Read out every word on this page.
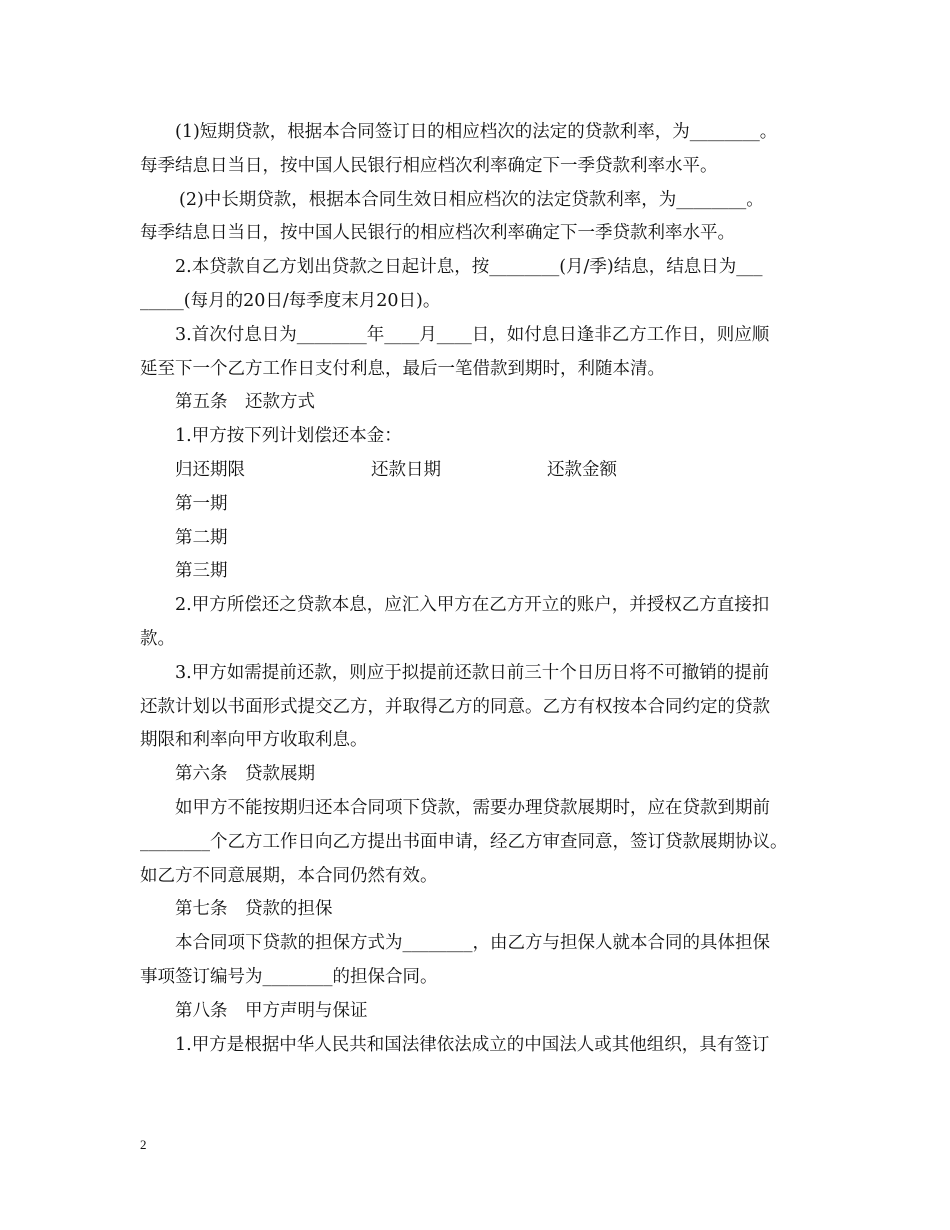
(1)短期贷款，根据本合同签订日的相应档次的法定的贷款利率，为________。
每季结息日当日，按中国人民银行相应档次利率确定下一季贷款利率水平。
(2)中长期贷款，根据本合同生效日相应档次的法定贷款利率，为________。
每季结息日当日，按中国人民银行的相应档次利率确定下一季贷款利率水平。
2.本贷款自乙方划出贷款之日起计息，按________(月/季)结息，结息日为___
_____(每月的20日/每季度末月20日)。
3.首次付息日为________年____月____日，如付息日逢非乙方工作日，则应顺
延至下一个乙方工作日支付利息，最后一笔借款到期时，利随本清。
第五条　还款方式
1.甲方按下列计划偿还本金：
归还期限	还款日期	还款金额
第一期
第二期
第三期
2.甲方所偿还之贷款本息，应汇入甲方在乙方开立的账户，并授权乙方直接扣
款。
3.甲方如需提前还款，则应于拟提前还款日前三十个日历日将不可撤销的提前
还款计划以书面形式提交乙方，并取得乙方的同意。乙方有权按本合同约定的贷款
期限和利率向甲方收取利息。
第六条　贷款展期
如甲方不能按期归还本合同项下贷款，需要办理贷款展期时，应在贷款到期前
________个乙方工作日向乙方提出书面申请，经乙方审查同意，签订贷款展期协议。
如乙方不同意展期，本合同仍然有效。
第七条　贷款的担保
本合同项下贷款的担保方式为________，由乙方与担保人就本合同的具体担保
事项签订编号为________的担保合同。
第八条　甲方声明与保证
1.甲方是根据中华人民共和国法律依法成立的中国法人或其他组织，具有签订
2
